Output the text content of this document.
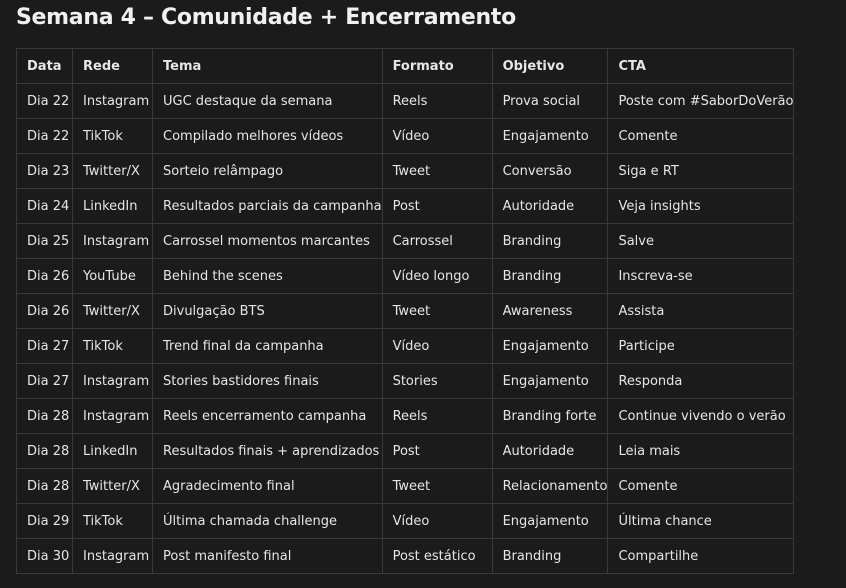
Semana 4 – Comunidade + Encerramento
Data	Rede	Tema	Formato	Objetivo	CTA
Dia 22	Instagram	UGC destaque da semana	Reels	Prova social	Poste com #SaborDoVerão
Dia 22	TikTok	Compilado melhores vídeos	Vídeo	Engajamento	Comente
Dia 23	Twitter/X	Sorteio relâmpago	Tweet	Conversão	Siga e RT
Dia 24	LinkedIn	Resultados parciais da campanha	Post	Autoridade	Veja insights
Dia 25	Instagram	Carrossel momentos marcantes	Carrossel	Branding	Salve
Dia 26	YouTube	Behind the scenes	Vídeo longo	Branding	Inscreva-se
Dia 26	Twitter/X	Divulgação BTS	Tweet	Awareness	Assista
Dia 27	TikTok	Trend final da campanha	Vídeo	Engajamento	Participe
Dia 27	Instagram	Stories bastidores finais	Stories	Engajamento	Responda
Dia 28	Instagram	Reels encerramento campanha	Reels	Branding forte	Continue vivendo o verão
Dia 28	LinkedIn	Resultados finais + aprendizados	Post	Autoridade	Leia mais
Dia 28	Twitter/X	Agradecimento final	Tweet	Relacionamento	Comente
Dia 29	TikTok	Última chamada challenge	Vídeo	Engajamento	Última chance
Dia 30	Instagram	Post manifesto final	Post estático	Branding	Compartilhe
